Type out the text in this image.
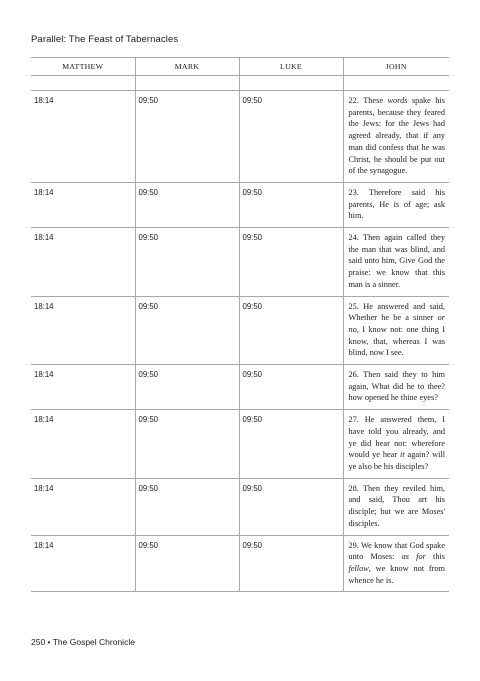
Parallel: The Feast of Tabernacles
MATTHEW	MARK	LUKE	JOHN

18:14	09:50	09:50	22. These words spake his parents, because they feared the Jews: for the Jews had agreed already, that if any man did confess that he was Christ, he should be put out of the synagogue.
18:14	09:50	09:50	23. Therefore said his parents, He is of age; ask him.
18:14	09:50	09:50	24. Then again called they the man that was blind, and said unto him, Give God the praise: we know that this man is a sinner.
18:14	09:50	09:50	25. He answered and said, Whether he be a sinner or no, I know not: one thing I know, that, whereas I was blind, now I see.
18:14	09:50	09:50	26. Then said they to him again, What did he to thee? how opened he thine eyes?
18:14	09:50	09:50	27. He answered them, I have told you already, and ye did hear not: wherefore would ye hear it again? will ye also be his disciples?
18:14	09:50	09:50	28. Then they reviled him, and said, Thou art his disciple; but we are Moses' disciples.
18:14	09:50	09:50	29. We know that God spake unto Moses: as for this fellow, we know not from whence he is.
250 • The Gospel Chronicle
